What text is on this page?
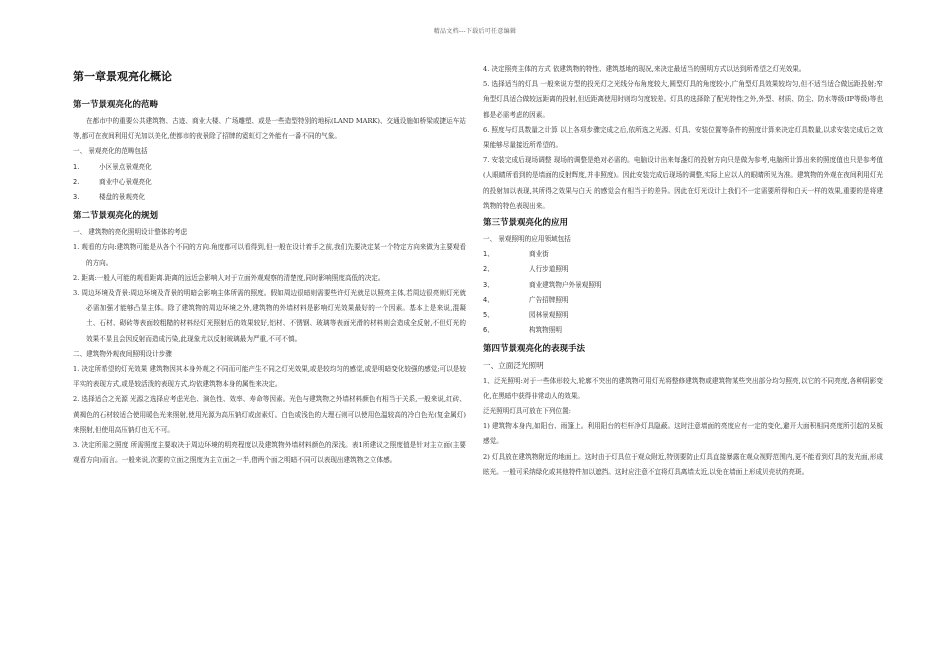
精品文档---下载后可任意编辑
第一章景观亮化概论
第一节景观亮化的范畴

在都市中的重要公共建筑物、古迹、商业大楼、广场雕塑、或是一些造型特别的地标(LAND MARK)、交通设施如桥梁或捷运车站等,都可在夜间利用灯光加以美化,使都市的夜景除了招牌的霓虹灯之外能有一番不同的气象。

一、 景观亮化的范畴包括

1.	小区景点景观亮化
2.	商业中心景观亮化
3.	楼盘的景观亮化
第二节景观亮化的规划

一、 建筑物的亮化照明设计整体的考虑

1. 观看的方向:建筑物可能是从各个不同的方向.角度都可以看得到,但一般在设计着手之前,我们先要决定某一个特定方向来做为主要观看的方向。

2. 距离:一般人可能的观看距离.距离的远近会影响人对于立面外观观察的清楚度,同时影响照度高低的决定。

3. 周边环境及背景:周边环境及背景的明暗会影响主体所需的照度。假如周边很暗则需要些许灯光就足以照亮主体,若周边很亮则灯光就必需加强才能够凸显主体。除了建筑物的周边环境之外,建筑物的外墙材料是影响灯光效果最好的一个因素。基本上是来说,混凝土、石材、砌砖等表面较粗糙的材料经灯光照射后的效果较好,铝材、不锈钢、玻璃等表面光滑的材料则会造成全反射,不但灯光的效果不显且会因反射而造成污染,此现象尤以反射玻璃最为严重,不可不慎。

二、建筑物外观夜间照明设计步骤

1. 决定所希望的灯光效果 建筑物因其本身外观之不同而可能产生不同之灯光效果,或是较均匀的感觉,或是明暗变化较强的感觉;可以是较平实的表现方式,或是较活泼的表现方式,均依建筑物本身的属性来决定。

2. 选择适合之光源 光源之选择应考虑光色、演色性、效率、寿命等因素。光色与建筑物之外墙材料颜色有相当于关系,一般来说,红砖、黄褐色的石材较适合使用暖色光来照射,使用光源为高压钠灯或卤素灯。白色或浅色的大理石则可以使用色温较高的冷白色光(复金属灯)来照射,但使用高压钠灯也无不可。

3. 决定所需之照度 所需照度主要取决于周边环境的明亮程度以及建筑物外墙材料颜色的深浅。表1所建议之照度值是针对主立面(主要观看方向)而言。一般来说,次要的立面之照度为主立面之一半,借两个面之明暗不同可以表现出建筑物之立体感。

4. 决定照亮主体的方式 依建筑物的特性、建筑基地的现况,来决定最适当的照明方式以达到所希望之灯光效果。

5. 选择适当的灯具 一般来说方型的投光灯之光线分布角度较大,圆型灯具的角度较小,广角型灯具效果较均匀,但不适当适合做远距投射;窄角型灯具适合做较远距离的投射,但近距离使用时则均匀度较差。灯具的选择除了配光特性之外,外型、材质、防尘、防水等级(IP等级)等也都是必需考虑的因素。

6. 照度与灯具数量之计算 以上各项步骤完成之后,依所选之光源、灯具、安装位置等条件的照度计算来决定灯具数量,以求安装完成后之效果能够尽量接近所希望的。

7. 安装完成后现场调整 现场的调整是绝对必需的。电脑设计出来每盏灯的投射方向只是做为参考,电脑所计算出来的照度值也只是参考值(人眼睛所看到的是墙面的反射辉度,并非照度)。因此安装完成后现场的调整,实际上应以人的眼睛所见为准。建筑物的外观在夜间利用灯光的投射加以表现,其所得之效果与白天 的感觉会有相当于的差异。因此在灯光设计上我们不一定需要所得和白天一样的效果,重要的是将建筑物的特色表现出来。

第三节景观亮化的应用

一、 景观照明的应用领域包括

1、	商业街
2、	人行步道照明
3、	商业建筑物户外景观照明
4、	广告招牌照明
5、	园林景观照明
6、	构筑物照明
第四节景观亮化的表现手法

一、立面泛光照明

1、泛光照明:对于一些体形较大,轮廓不突出的建筑物可用灯光将整修建筑物或建筑物某些突出部分均匀照亮,以它的不同亮度,各种阴影变化,在黑暗中获得非常动人的效果。

泛光照明灯具可放在下列位置:

1) 建筑物本身内,如阳台、雨篷上。利用阳台的栏杆净灯具隐蔽。这时注意墙面的亮度应有一定的变化,避开大面积相同亮度所引起的呆板感觉。

2) 灯具放在建筑物附近的地面上。这时由于灯具位于观众附近,特别要防止灯具直接暴露在观众视野范围内,更不能看到灯具的发光面,形成眩光。一般可采纳绿化或其他特件加以遮挡。这时应注意不宜将灯具离墙太近,以免在墙面上形成贝壳状的亮斑。
